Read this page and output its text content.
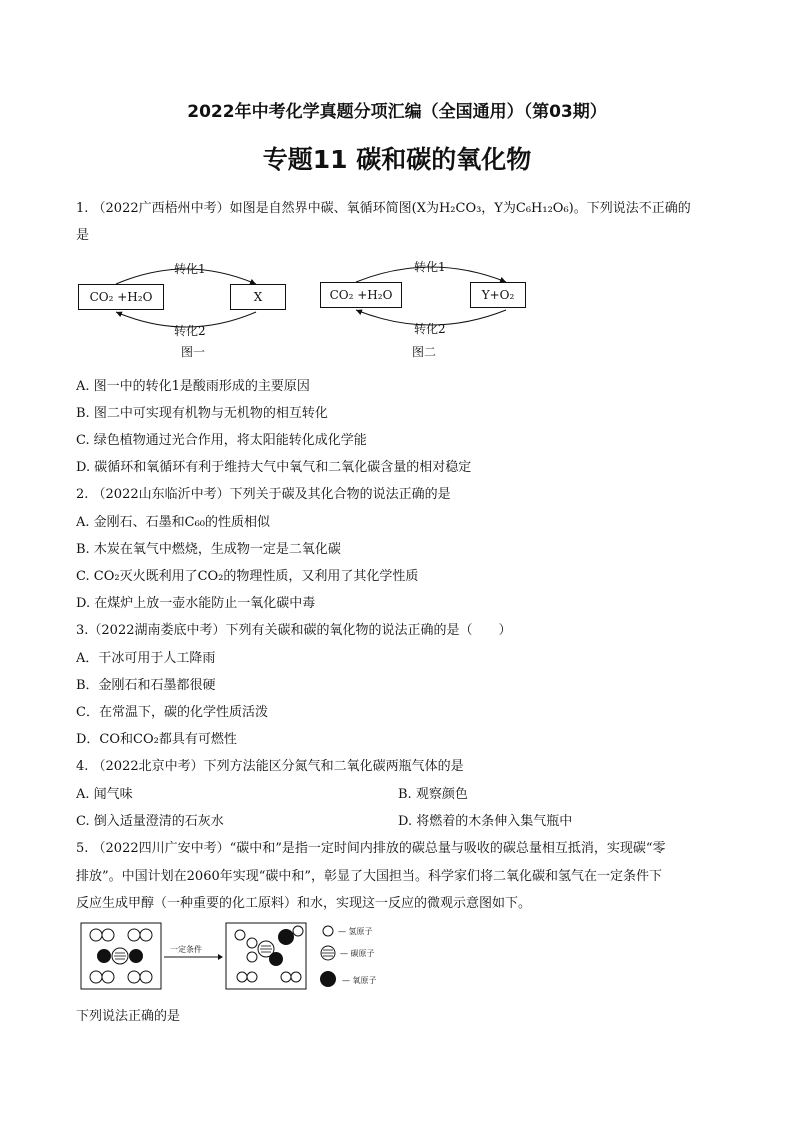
2022年中考化学真题分项汇编（全国通用）（第03期）
专题11 碳和碳的氧化物
1. （2022广西梧州中考）如图是自然界中碳、氧循环简图(X为H₂CO₃，Y为C₆H₁₂O₆)。下列说法不正确的
是
CO₂ +H₂O	X
转化1
转化2
图一
CO₂ +H₂O	Y+O₂
转化1
转化2
图二
A. 图一中的转化1是酸雨形成的主要原因
B. 图二中可实现有机物与无机物的相互转化
C. 绿色植物通过光合作用，将太阳能转化成化学能
D. 碳循环和氧循环有利于维持大气中氧气和二氧化碳含量的相对稳定
2. （2022山东临沂中考）下列关于碳及其化合物的说法正确的是
A. 金刚石、石墨和C₆₀的性质相似
B. 木炭在氧气中燃烧，生成物一定是二氧化碳
C. CO₂灭火既利用了CO₂的物理性质，又利用了其化学性质
D. 在煤炉上放一壶水能防止一氧化碳中毒
3.（2022湖南娄底中考）下列有关碳和碳的氧化物的说法正确的是（　　）
A．干冰可用于人工降雨
B．金刚石和石墨都很硬
C．在常温下，碳的化学性质活泼
D．CO和CO₂都具有可燃性
4. （2022北京中考）下列方法能区分氮气和二氧化碳两瓶气体的是
A. 闻气味	B. 观察颜色
C. 倒入适量澄清的石灰水	D. 将燃着的木条伸入集气瓶中
5. （2022四川广安中考）“碳中和”是指一定时间内排放的碳总量与吸收的碳总量相互抵消，实现碳“零
排放”。中国计划在2060年实现“碳中和”，彰显了大国担当。科学家们将二氧化碳和氢气在一定条件下
反应生成甲醇（一种重要的化工原料）和水，实现这一反应的微观示意图如下。
一定条件
— 氢原子
— 碳原子
— 氧原子
下列说法正确的是
